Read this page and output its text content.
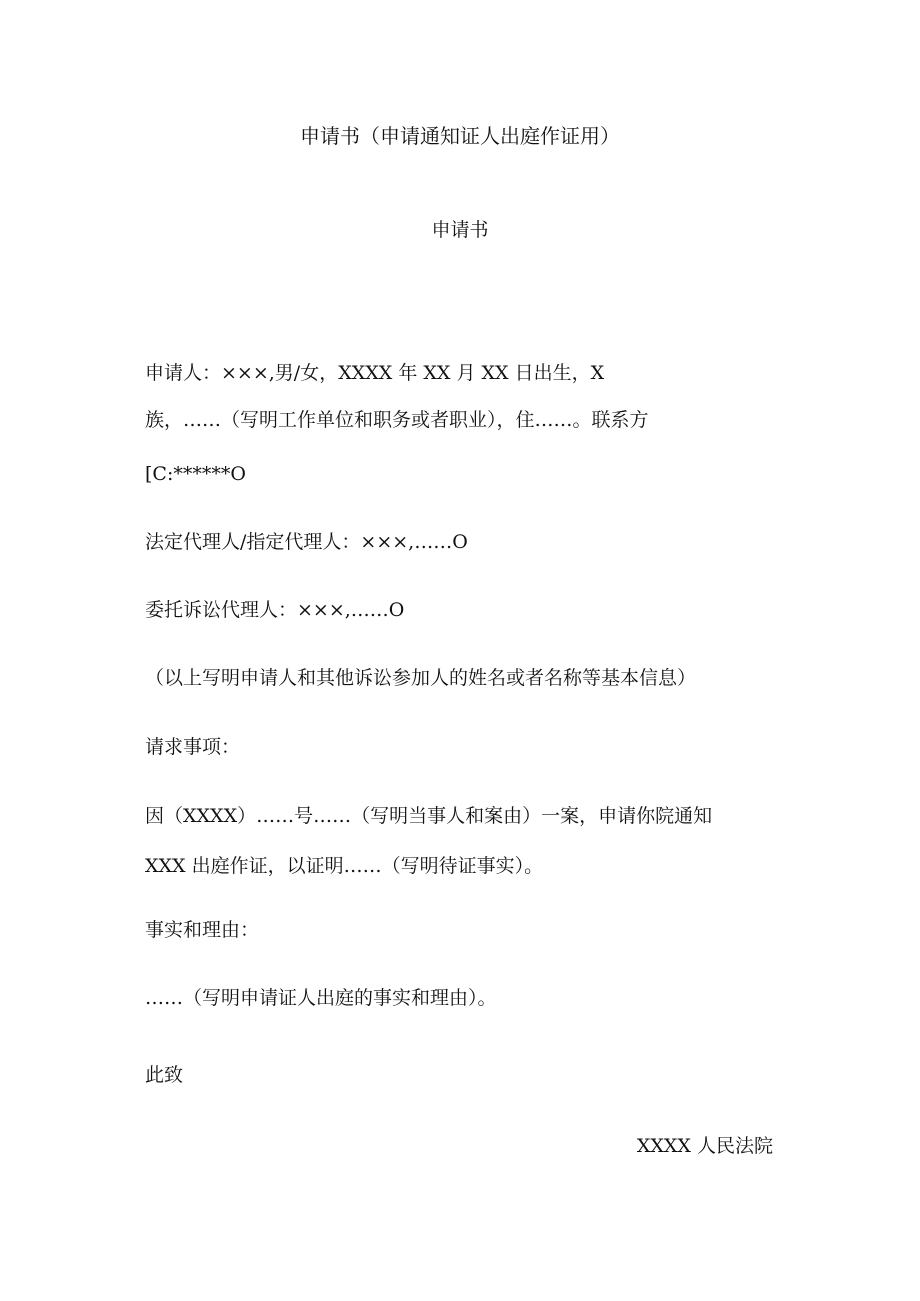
申请书（申请通知证人出庭作证用）
申请书
申请人：×××,男/女，XXXX 年 XX 月 XX 日出生，X
族，……（写明工作单位和职务或者职业），住……。联系方
[C:******O
法定代理人/指定代理人：×××,……O
委托诉讼代理人：×××,……O
（以上写明申请人和其他诉讼参加人的姓名或者名称等基本信息）
请求事项：
因（XXXX）……号……（写明当事人和案由）一案，申请你院通知
XXX 出庭作证，以证明……（写明待证事实）。
事实和理由：
……（写明申请证人出庭的事实和理由）。
此致
XXXX 人民法院
